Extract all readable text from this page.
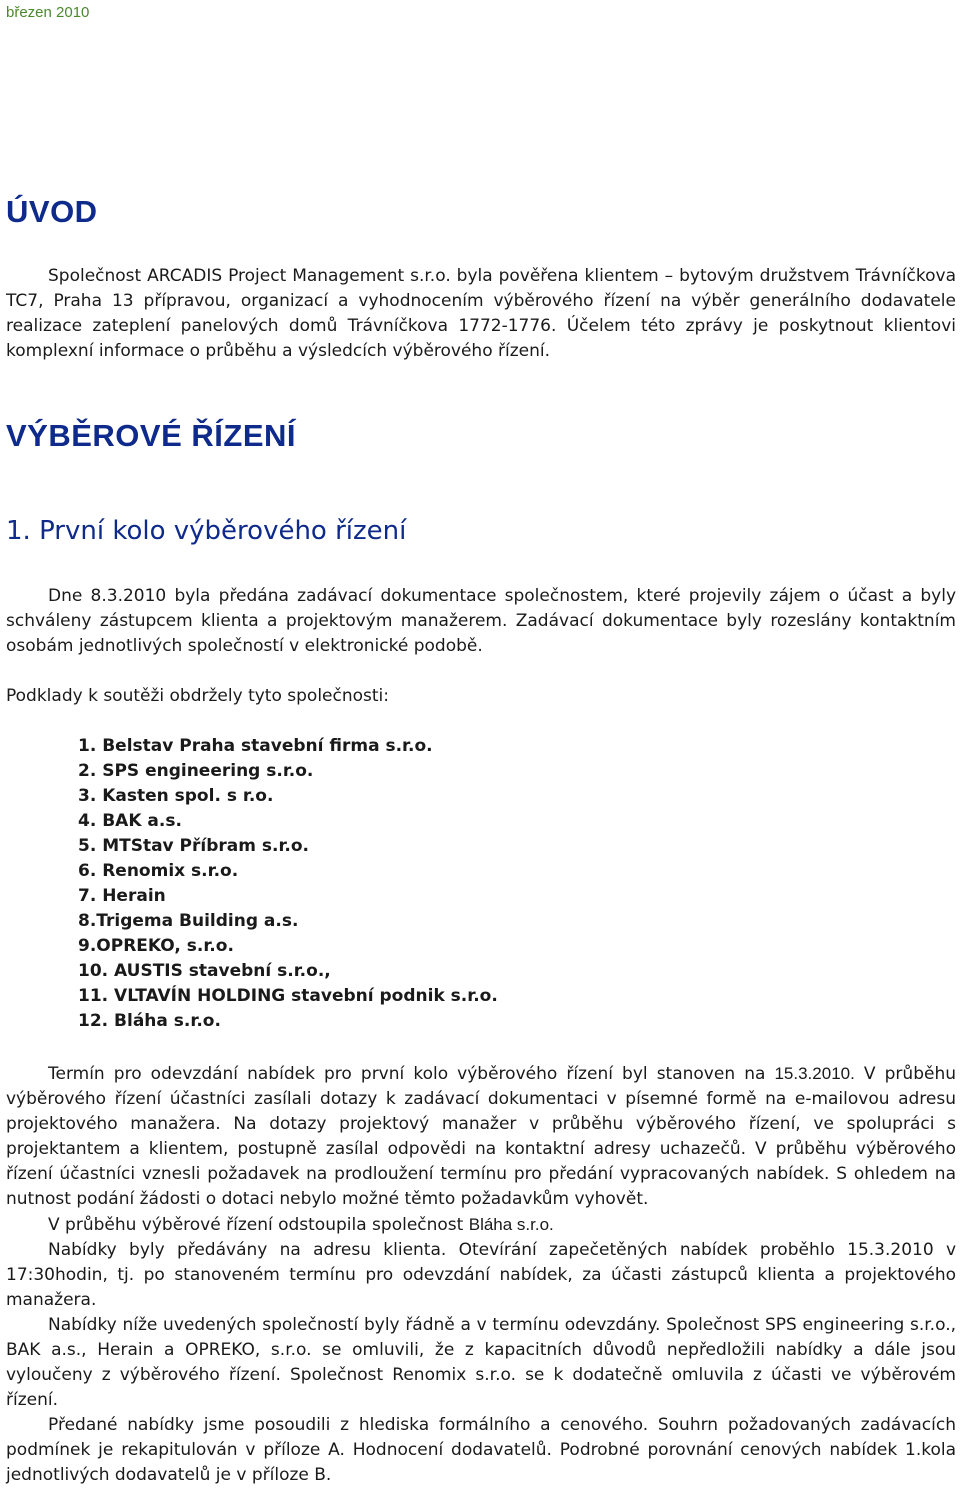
březen 2010
ÚVOD

Společnost ARCADIS Project Management s.r.o. byla pověřena klientem – bytovým družstvem Trávníčkova TC7, Praha 13 přípravou, organizací a vyhodnocením výběrového řízení na výběr generálního dodavatele realizace zateplení panelových domů Trávníčkova 1772-1776. Účelem této zprávy je poskytnout klientovi komplexní informace o průběhu a výsledcích výběrového řízení.

VÝBĚROVÉ ŘÍZENÍ
1. První kolo výběrového řízení

Dne 8.3.2010 byla předána zadávací dokumentace společnostem, které projevily zájem o účast a byly schváleny zástupcem klienta a projektovým manažerem. Zadávací dokumentace byly rozeslány kontaktním osobám jednotlivých společností v elektronické podobě.

Podklady k soutěži obdržely tyto společnosti:

1. Belstav Praha stavební firma s.r.o.
2. SPS engineering s.r.o.
3. Kasten spol. s r.o.
4. BAK a.s.
5. MTStav Příbram s.r.o.
6. Renomix s.r.o.
7. Herain
8.Trigema Building a.s.
9.OPREKO, s.r.o.
10. AUSTIS stavební s.r.o.,
11. VLTAVÍN HOLDING stavební podnik s.r.o.
12. Bláha s.r.o.

Termín pro odevzdání nabídek pro první kolo výběrového řízení byl stanoven na 15.3.2010. V průběhu výběrového řízení účastníci zasílali dotazy k zadávací dokumentaci v písemné formě na e-mailovou adresu projektového manažera. Na dotazy projektový manažer v průběhu výběrového řízení, ve spolupráci s projektantem a klientem, postupně zasílal odpovědi na kontaktní adresy uchazečů. V průběhu výběrového řízení účastníci vznesli požadavek na prodloužení termínu pro předání vypracovaných nabídek. S ohledem na nutnost podání žádosti o dotaci nebylo možné těmto požadavkům vyhovět.

V průběhu výběrové řízení odstoupila společnost Bláha s.r.o.

Nabídky byly předávány na adresu klienta. Otevírání zapečetěných nabídek proběhlo 15.3.2010 v 17:30hodin, tj. po stanoveném termínu pro odevzdání nabídek, za účasti zástupců klienta a projektového manažera.

Nabídky níže uvedených společností byly řádně a v termínu odevzdány. Společnost SPS engineering s.r.o., BAK a.s., Herain a OPREKO, s.r.o. se omluvili, že z kapacitních důvodů nepředložili nabídky a dále jsou vyloučeny z výběrového řízení. Společnost Renomix s.r.o. se k dodatečně omluvila z účasti ve výběrovém řízení.

Předané nabídky jsme posoudili z hlediska formálního a cenového. Souhrn požadovaných zadávacích podmínek je rekapitulován v příloze A. Hodnocení dodavatelů. Podrobné porovnání cenových nabídek 1.kola jednotlivých dodavatelů je v příloze B.
